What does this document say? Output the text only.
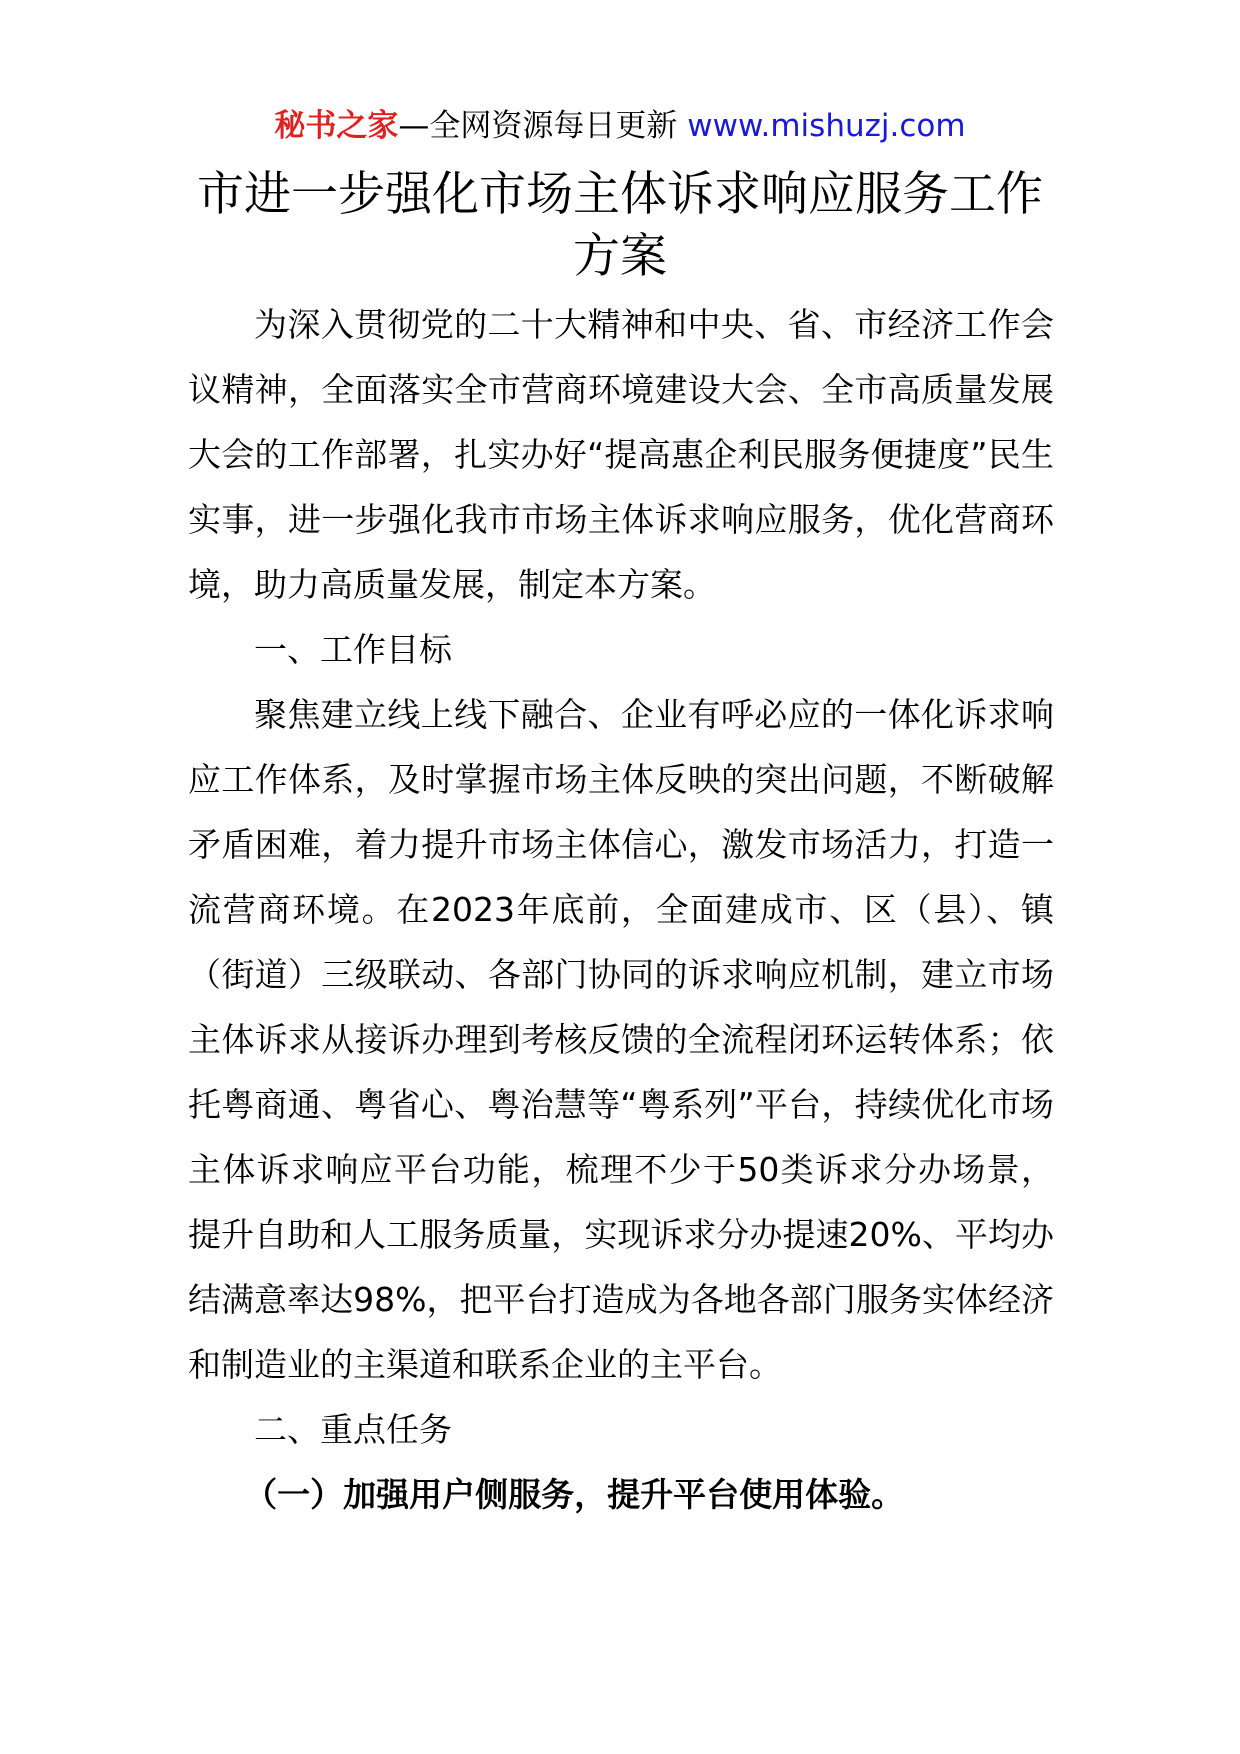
秘书之家—全网资源每日更新 www.mishuzj.com
市进一步强化市场主体诉求响应服务工作方案

为深入贯彻党的二十大精神和中央、省、市经济工作会议精神，全面落实全市营商环境建设大会、全市高质量发展大会的工作部署，扎实办好“提高惠企利民服务便捷度”民生实事，进一步强化我市市场主体诉求响应服务，优化营商环境，助力高质量发展，制定本方案。

一、工作目标

聚焦建立线上线下融合、企业有呼必应的一体化诉求响应工作体系，及时掌握市场主体反映的突出问题，不断破解矛盾困难，着力提升市场主体信心，激发市场活力，打造一流营商环境。在2023年底前，全面建成市、区（县）、镇（街道）三级联动、各部门协同的诉求响应机制，建立市场主体诉求从接诉办理到考核反馈的全流程闭环运转体系；依托粤商通、粤省心、粤治慧等“粤系列”平台，持续优化市场主体诉求响应平台功能，梳理不少于50类诉求分办场景，提升自助和人工服务质量，实现诉求分办提速20%、平均办结满意率达98%，把平台打造成为各地各部门服务实体经济和制造业的主渠道和联系企业的主平台。

二、重点任务

（一）加强用户侧服务，提升平台使用体验。
